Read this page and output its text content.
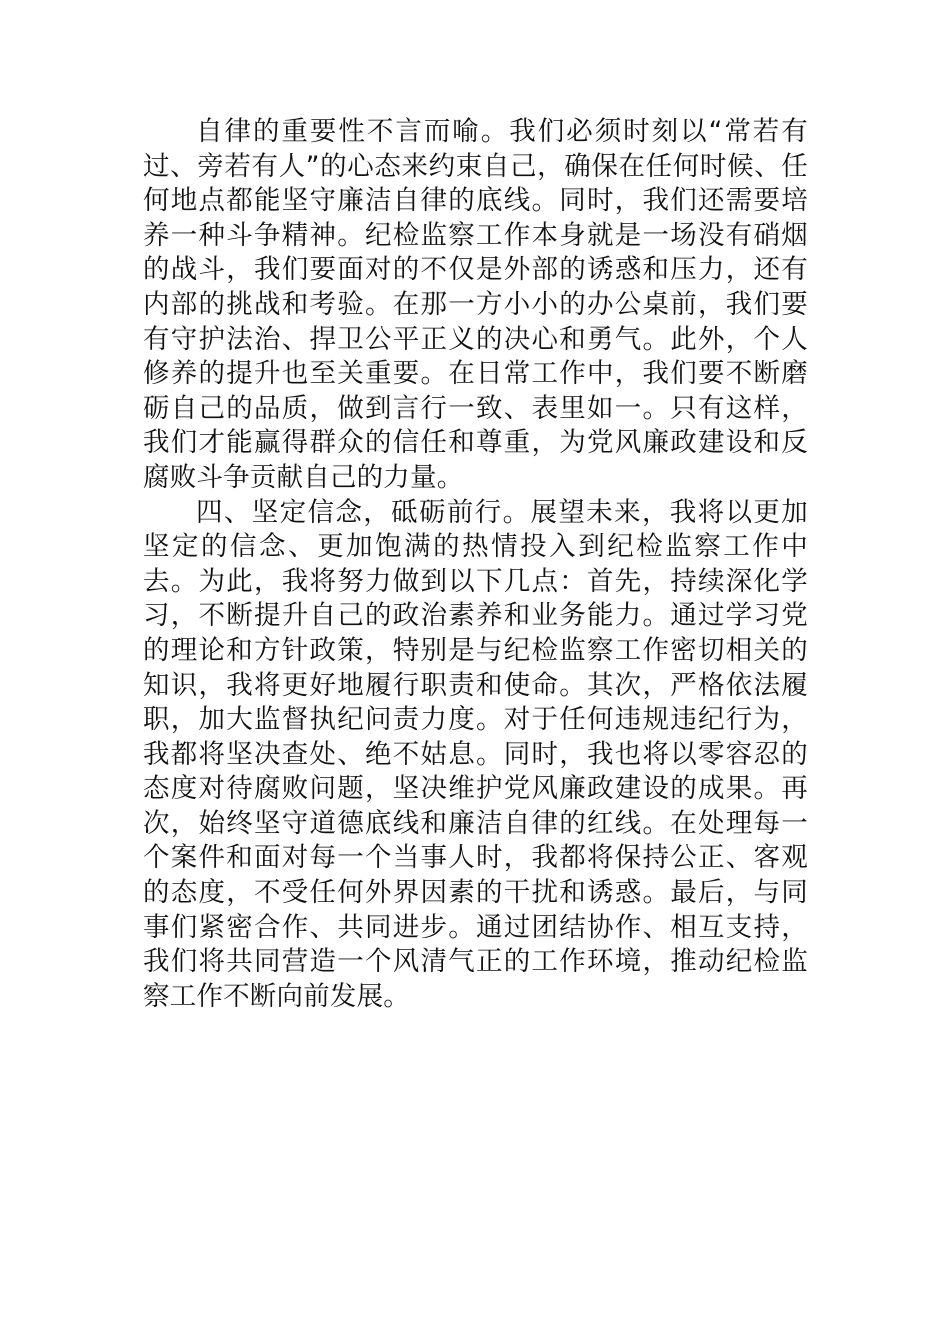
自律的重要性不言而喻。我们必须时刻以“常若有过、旁若有人”的心态来约束自己，确保在任何时候、任何地点都能坚守廉洁自律的底线。同时，我们还需要培养一种斗争精神。纪检监察工作本身就是一场没有硝烟的战斗，我们要面对的不仅是外部的诱惑和压力，还有内部的挑战和考验。在那一方小小的办公桌前，我们要有守护法治、捍卫公平正义的决心和勇气。此外，个人修养的提升也至关重要。在日常工作中，我们要不断磨砺自己的品质，做到言行一致、表里如一。只有这样，我们才能赢得群众的信任和尊重，为党风廉政建设和反腐败斗争贡献自己的力量。

四、坚定信念，砥砺前行。展望未来，我将以更加坚定的信念、更加饱满的热情投入到纪检监察工作中去。为此，我将努力做到以下几点：首先，持续深化学习，不断提升自己的政治素养和业务能力。通过学习党的理论和方针政策，特别是与纪检监察工作密切相关的知识，我将更好地履行职责和使命。其次，严格依法履职，加大监督执纪问责力度。对于任何违规违纪行为，我都将坚决查处、绝不姑息。同时，我也将以零容忍的态度对待腐败问题，坚决维护党风廉政建设的成果。再次，始终坚守道德底线和廉洁自律的红线。在处理每一个案件和面对每一个当事人时，我都将保持公正、客观的态度，不受任何外界因素的干扰和诱惑。最后，与同事们紧密合作、共同进步。通过团结协作、相互支持，我们将共同营造一个风清气正的工作环境，推动纪检监察工作不断向前发展。
